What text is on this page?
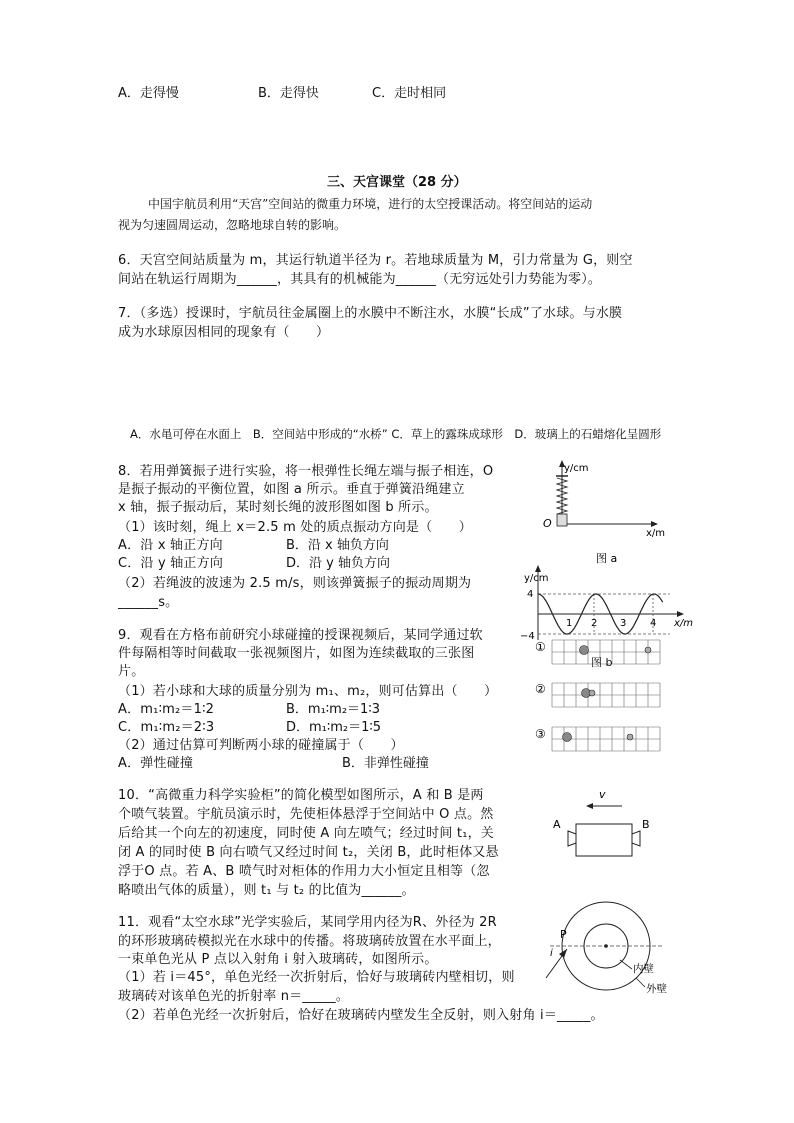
A．走得慢	B．走得快	C．走时相同
三、天宫课堂（28 分）
中国宇航员利用“天宫”空间站的微重力环境，进行的太空授课活动。将空间站的运动
视为匀速圆周运动，忽略地球自转的影响。
6．天宫空间站质量为 m，其运行轨道半径为 r。若地球质量为 M，引力常量为 G，则空
间站在轨运行周期为______，其具有的机械能为______（无穷远处引力势能为零）。
7．（多选）授课时，宇航员往金属圈上的水膜中不断注水，水膜“长成”了水球。与水膜
成为水球原因相同的现象有（　　）
A．水黾可停在水面上　B．空间站中形成的“水桥” C．草上的露珠成球形　D．玻璃上的石蜡熔化呈圆形
8．若用弹簧振子进行实验，将一根弹性长绳左端与振子相连，O
是振子振动的平衡位置，如图 a 所示。垂直于弹簧沿绳建立
x 轴，振子振动后，某时刻长绳的波形图如图 b 所示。
（1）该时刻，绳上 x＝2.5 m 处的质点振动方向是（　　）
A．沿 x 轴正方向	B．沿 x 轴负方向
C．沿 y 轴正方向	D．沿 y 轴负方向
（2）若绳波的波速为 2.5 m/s，则该弹簧振子的振动周期为
______s。
y/cm
x/m
O
图 a
y/cm
4
−4
1 2 3 4 x/m
9．观看在方格布前研究小球碰撞的授课视频后，某同学通过软
件每隔相等时间截取一张视频图片，如图为连续截取的三张图
片。
（1）若小球和大球的质量分别为 m₁、m₂，则可估算出（　　）
A．m₁∶m₂＝1∶2	B．m₁∶m₂＝1∶3
C．m₁∶m₂＝2∶3	D．m₁∶m₂＝1∶5
（2）通过估算可判断两小球的碰撞属于（　　）
A．弹性碰撞	B．非弹性碰撞
①
②
③
图 b
10．“高微重力科学实验柜”的简化模型如图所示，A 和 B 是两
个喷气装置。宇航员演示时，先使柜体悬浮于空间站中 O 点。然
后给其一个向左的初速度，同时使 A 向左喷气；经过时间 t₁，关
闭 A 的同时使 B 向右喷气又经过时间 t₂，关闭 B，此时柜体又悬
浮于O 点。若 A、B 喷气时对柜体的作用力大小恒定且相等（忽
略喷出气体的质量），则 t₁ 与 t₂ 的比值为______。
v
A	B
11．观看“太空水球”光学实验后，某同学用内径为R、外径为 2R
的环形玻璃砖模拟光在水球中的传播。将玻璃砖放置在水平面上，
一束单色光从 P 点以入射角 i 射入玻璃砖，如图所示。
（1）若 i＝45°，单色光经一次折射后，恰好与玻璃砖内壁相切，则
玻璃砖对该单色光的折射率 n＝_____。
（2）若单色光经一次折射后，恰好在玻璃砖内壁发生全反射，则入射角 i＝_____。
P
i
内壁
外壁
